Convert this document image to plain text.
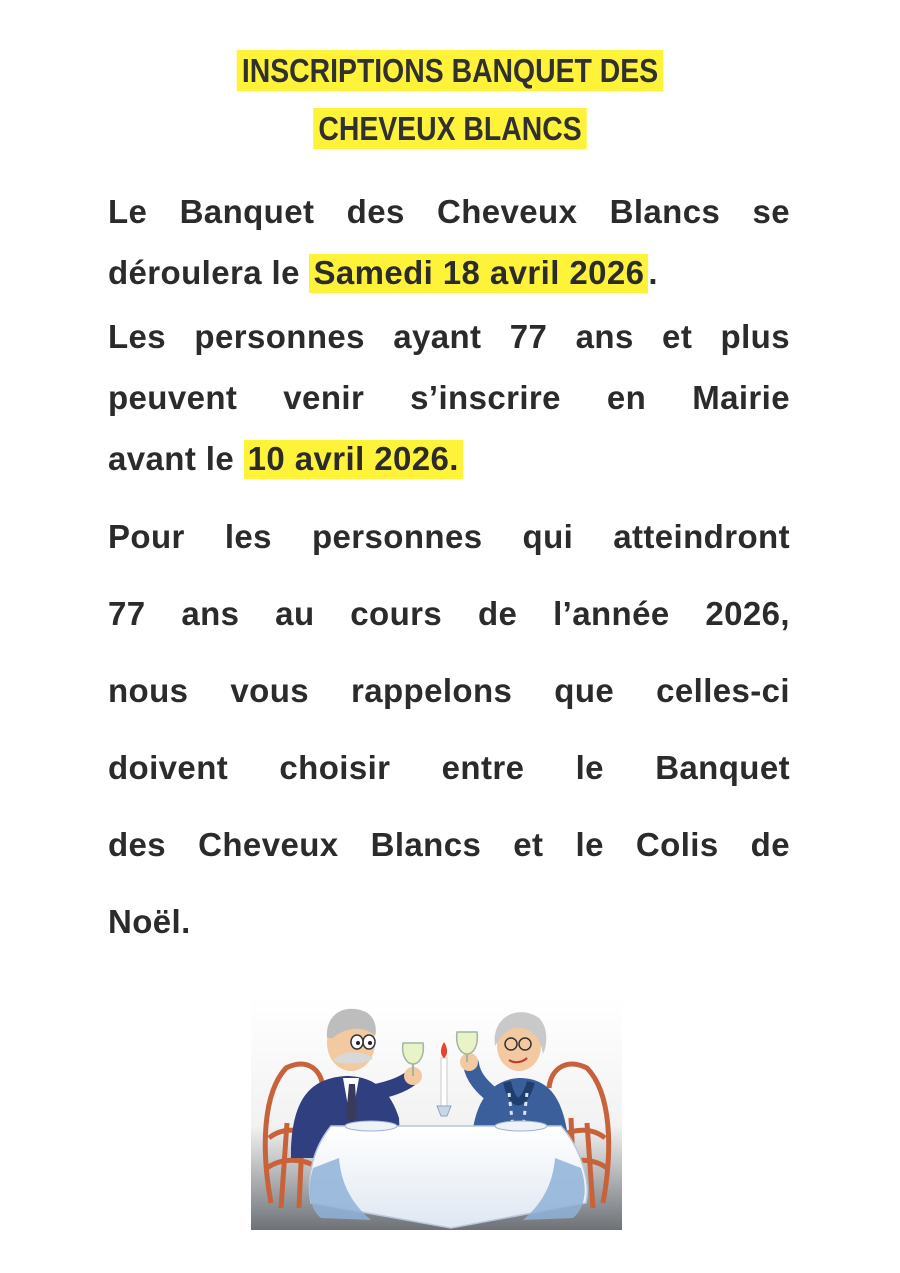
INSCRIPTIONS BANQUET DES
CHEVEUX BLANCS
Le Banquet des Cheveux Blancs se
déroulera le Samedi 18 avril 2026 .
Les personnes ayant 77 ans et plus
peuvent venir s’inscrire en Mairie
avant le 10 avril 2026.
Pour les personnes qui atteindront
77 ans au cours de l’année 2026,
nous vous rappelons que celles-ci
doivent choisir entre le Banquet
des Cheveux Blancs et le Colis de
Noël.
